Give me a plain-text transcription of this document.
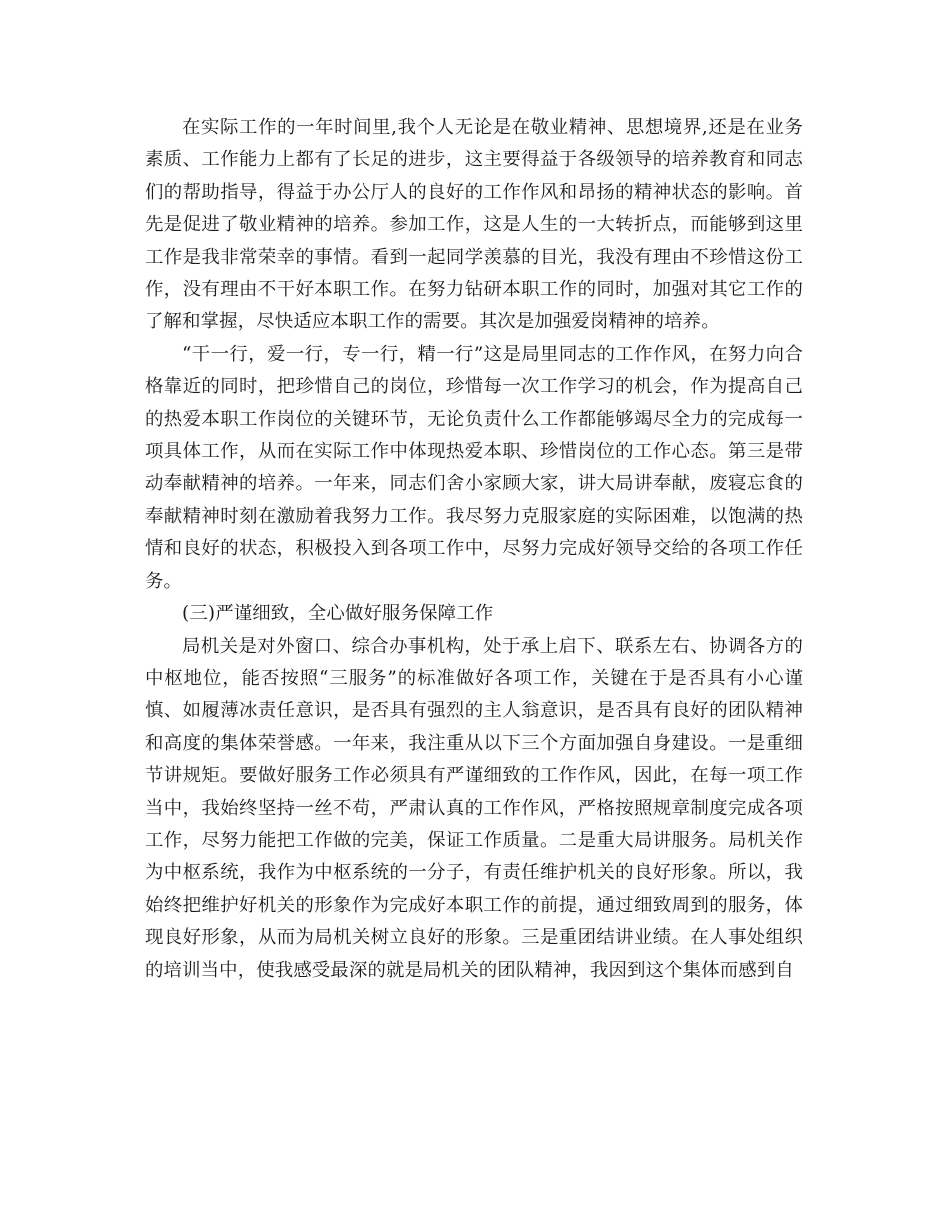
在实际工作的一年时间里,我个人无论是在敬业精神、思想境界,还是在业务素质、工作能力上都有了长足的进步，这主要得益于各级领导的培养教育和同志们的帮助指导，得益于办公厅人的良好的工作作风和昂扬的精神状态的影响。首先是促进了敬业精神的培养。参加工作，这是人生的一大转折点，而能够到这里工作是我非常荣幸的事情。看到一起同学羡慕的目光，我没有理由不珍惜这份工作，没有理由不干好本职工作。在努力钻研本职工作的同时，加强对其它工作的了解和掌握，尽快适应本职工作的需要。其次是加强爱岗精神的培养。

“干一行，爱一行，专一行，精一行”这是局里同志的工作作风，在努力向合格靠近的同时，把珍惜自己的岗位，珍惜每一次工作学习的机会，作为提高自己的热爱本职工作岗位的关键环节，无论负责什么工作都能够竭尽全力的完成每一项具体工作，从而在实际工作中体现热爱本职、珍惜岗位的工作心态。第三是带动奉献精神的培养。一年来，同志们舍小家顾大家，讲大局讲奉献，废寝忘食的奉献精神时刻在激励着我努力工作。我尽努力克服家庭的实际困难，以饱满的热情和良好的状态，积极投入到各项工作中，尽努力完成好领导交给的各项工作任务。

(三)严谨细致，全心做好服务保障工作

局机关是对外窗口、综合办事机构，处于承上启下、联系左右、协调各方的中枢地位，能否按照“三服务”的标准做好各项工作，关键在于是否具有小心谨慎、如履薄冰责任意识，是否具有强烈的主人翁意识，是否具有良好的团队精神和高度的集体荣誉感。一年来，我注重从以下三个方面加强自身建设。一是重细节讲规矩。要做好服务工作必须具有严谨细致的工作作风，因此，在每一项工作当中，我始终坚持一丝不苟，严肃认真的工作作风，严格按照规章制度完成各项工作，尽努力能把工作做的完美，保证工作质量。二是重大局讲服务。局机关作为中枢系统，我作为中枢系统的一分子，有责任维护机关的良好形象。所以，我始终把维护好机关的形象作为完成好本职工作的前提，通过细致周到的服务，体现良好形象，从而为局机关树立良好的形象。三是重团结讲业绩。在人事处组织的培训当中，使我感受最深的就是局机关的团队精神，我因到这个集体而感到自
